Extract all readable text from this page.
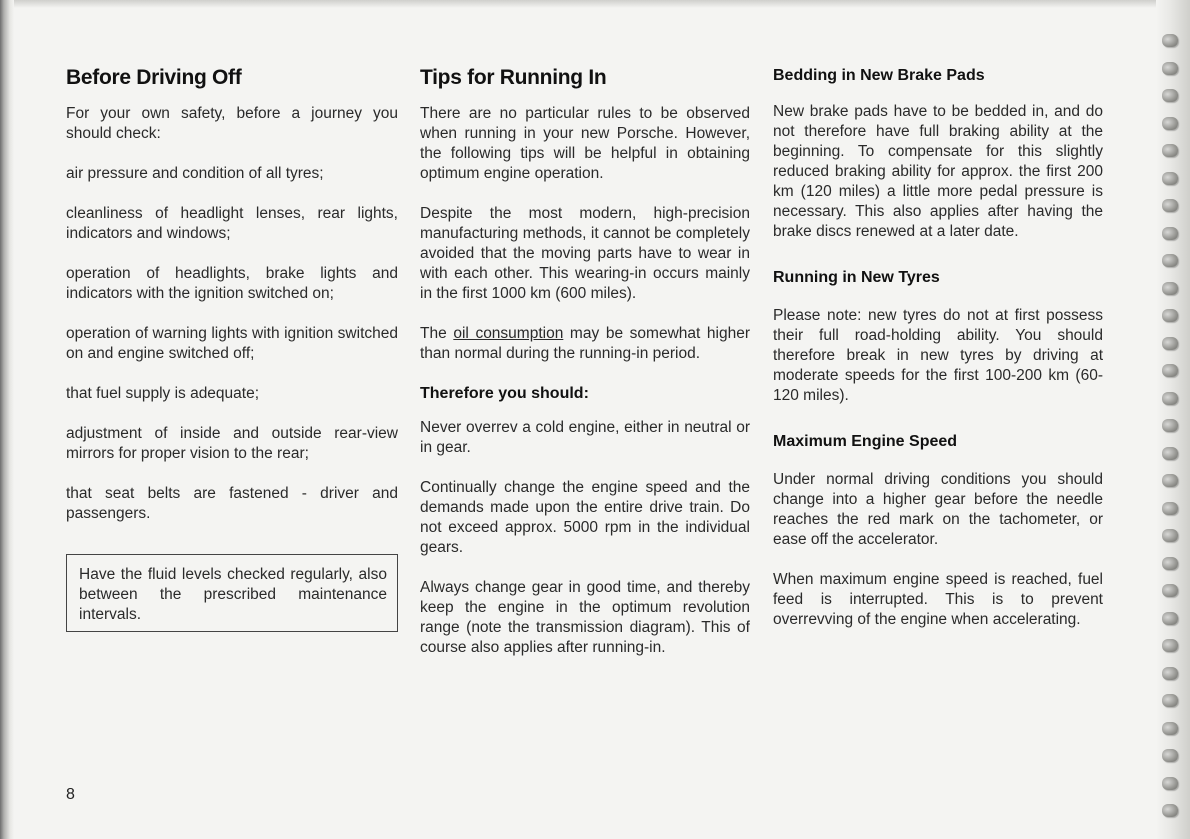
Before Driving Off

For your own safety, before a journey you should check:

air pressure and condition of all tyres;

cleanliness of headlight lenses, rear lights, indicators and windows;

operation of headlights, brake lights and indicators with the ignition switched on;

operation of warning lights with ignition switched on and engine switched off;

that fuel supply is adequate;

adjustment of inside and outside rear-view mirrors for proper vision to the rear;

that seat belts are fastened - driver and passengers.

Have the fluid levels checked regularly, also between the prescribed maintenance intervals.
Tips for Running In

There are no particular rules to be observed when running in your new Porsche. However, the following tips will be helpful in obtaining optimum engine operation.

Despite the most modern, high-precision manufacturing methods, it cannot be completely avoided that the moving parts have to wear in with each other. This wearing-in occurs mainly in the first 1000 km (600 miles).

The oil consumption may be somewhat higher than normal during the running-in period.

Therefore you should:

Never overrev a cold engine, either in neutral or in gear.

Continually change the engine speed and the demands made upon the entire drive train. Do not exceed approx. 5000 rpm in the individual gears.

Always change gear in good time, and thereby keep the engine in the optimum revolution range (note the transmission diagram). This of course also applies after running-in.

Bedding in New Brake Pads

New brake pads have to be bedded in, and do not therefore have full braking ability at the beginning. To compensate for this slightly reduced braking ability for approx. the first 200 km (120 miles) a little more pedal pressure is necessary. This also applies after having the brake discs renewed at a later date.

Running in New Tyres

Please note: new tyres do not at first possess their full road-holding ability. You should therefore break in new tyres by driving at moderate speeds for the first 100-200 km (60-120 miles).

Maximum Engine Speed

Under normal driving conditions you should change into a higher gear before the needle reaches the red mark on the tachometer, or ease off the accelerator.

When maximum engine speed is reached, fuel feed is interrupted. This is to prevent overrevving of the engine when accelerating.

8
